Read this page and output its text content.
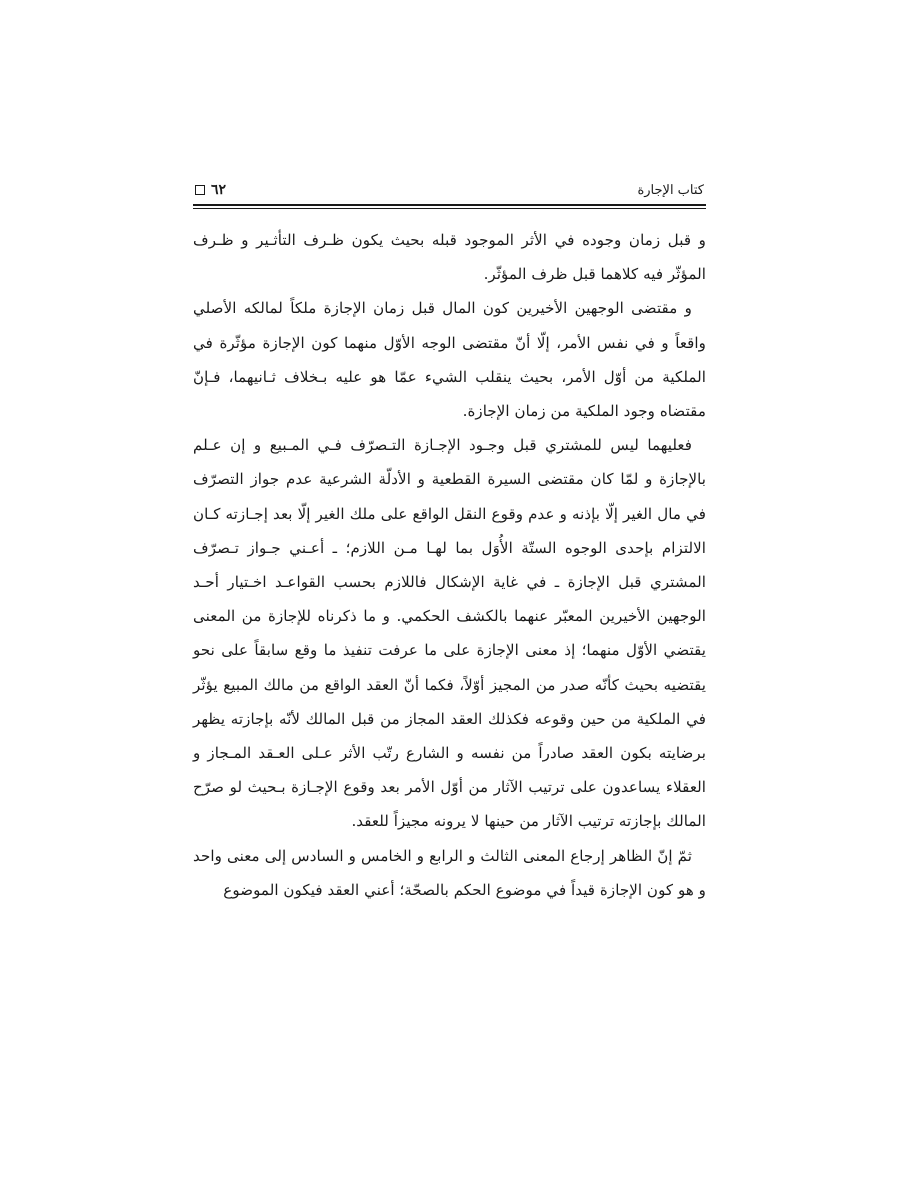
كتاب الإجارة
٦٢

و قبل زمان وجوده في الأثر الموجود قبله بحيث يكون ظـرف التأثـير و ظـرف المؤثّر فيه كلاهما قبل ظرف المؤثّر.

و مقتضى الوجهين الأخيرين كون المال قبل زمان الإجازة ملكاً لمالكه الأصلي واقعاً و في نفس الأمر، إلّا أنّ مقتضى الوجه الأوّل منهما كون الإجازة مؤثّرة في الملكية من أوّل الأمر، بحيث ينقلب الشيء عمّا هو عليه بـخلاف ثـانيهما، فـإنّ مقتضاه وجود الملكية من زمان الإجازة.

فعليهما ليس للمشتري قبل وجـود الإجـازة التـصرّف فـي المـبيع و إن عـلم بالإجازة و لمّا كان مقتضى السيرة القطعية و الأدلّة الشرعية عدم جواز التصرّف في مال الغير إلّا بإذنه و عدم وقوع النقل الواقع على ملك الغير إلّا بعد إجـازته كـان الالتزام بإحدى الوجوه الستّة الأُوَل بما لهـا مـن اللازم؛ ـ أعـني جـواز تـصرّف المشتري قبل الإجازة ـ في غاية الإشكال فاللازم بحسب القواعـد اخـتيار أحـد الوجهين الأخيرين المعبّر عنهما بالكشف الحكمي. و ما ذكرناه للإجازة من المعنى يقتضي الأوّل منهما؛ إذ معنى الإجازة على ما عرفت تنفيذ ما وقع سابقاً على نحو يقتضيه بحيث كأنّه صدر من المجيز أوّلاً، فكما أنّ العقد الواقع من مالك المبيع يؤثّر في الملكية من حين وقوعه فكذلك العقد المجاز من قبل المالك لأنّه بإجازته يظهر برضايته بكون العقد صادراً من نفسه و الشارع رتّب الأثر عـلى العـقد المـجاز و العقلاء يساعدون على ترتيب الآثار من أوّل الأمر بعد وقوع الإجـازة بـحيث لو صرّح المالك بإجازته ترتيب الآثار من حينها لا يرونه مجيزاً للعقد.

ثمّ إنّ الظاهر إرجاع المعنى الثالث و الرابع و الخامس و السادس إلى معنى واحد و هو كون الإجازة قيداً في موضوع الحكم بالصحّة؛ أعني العقد فيكون الموضوع
